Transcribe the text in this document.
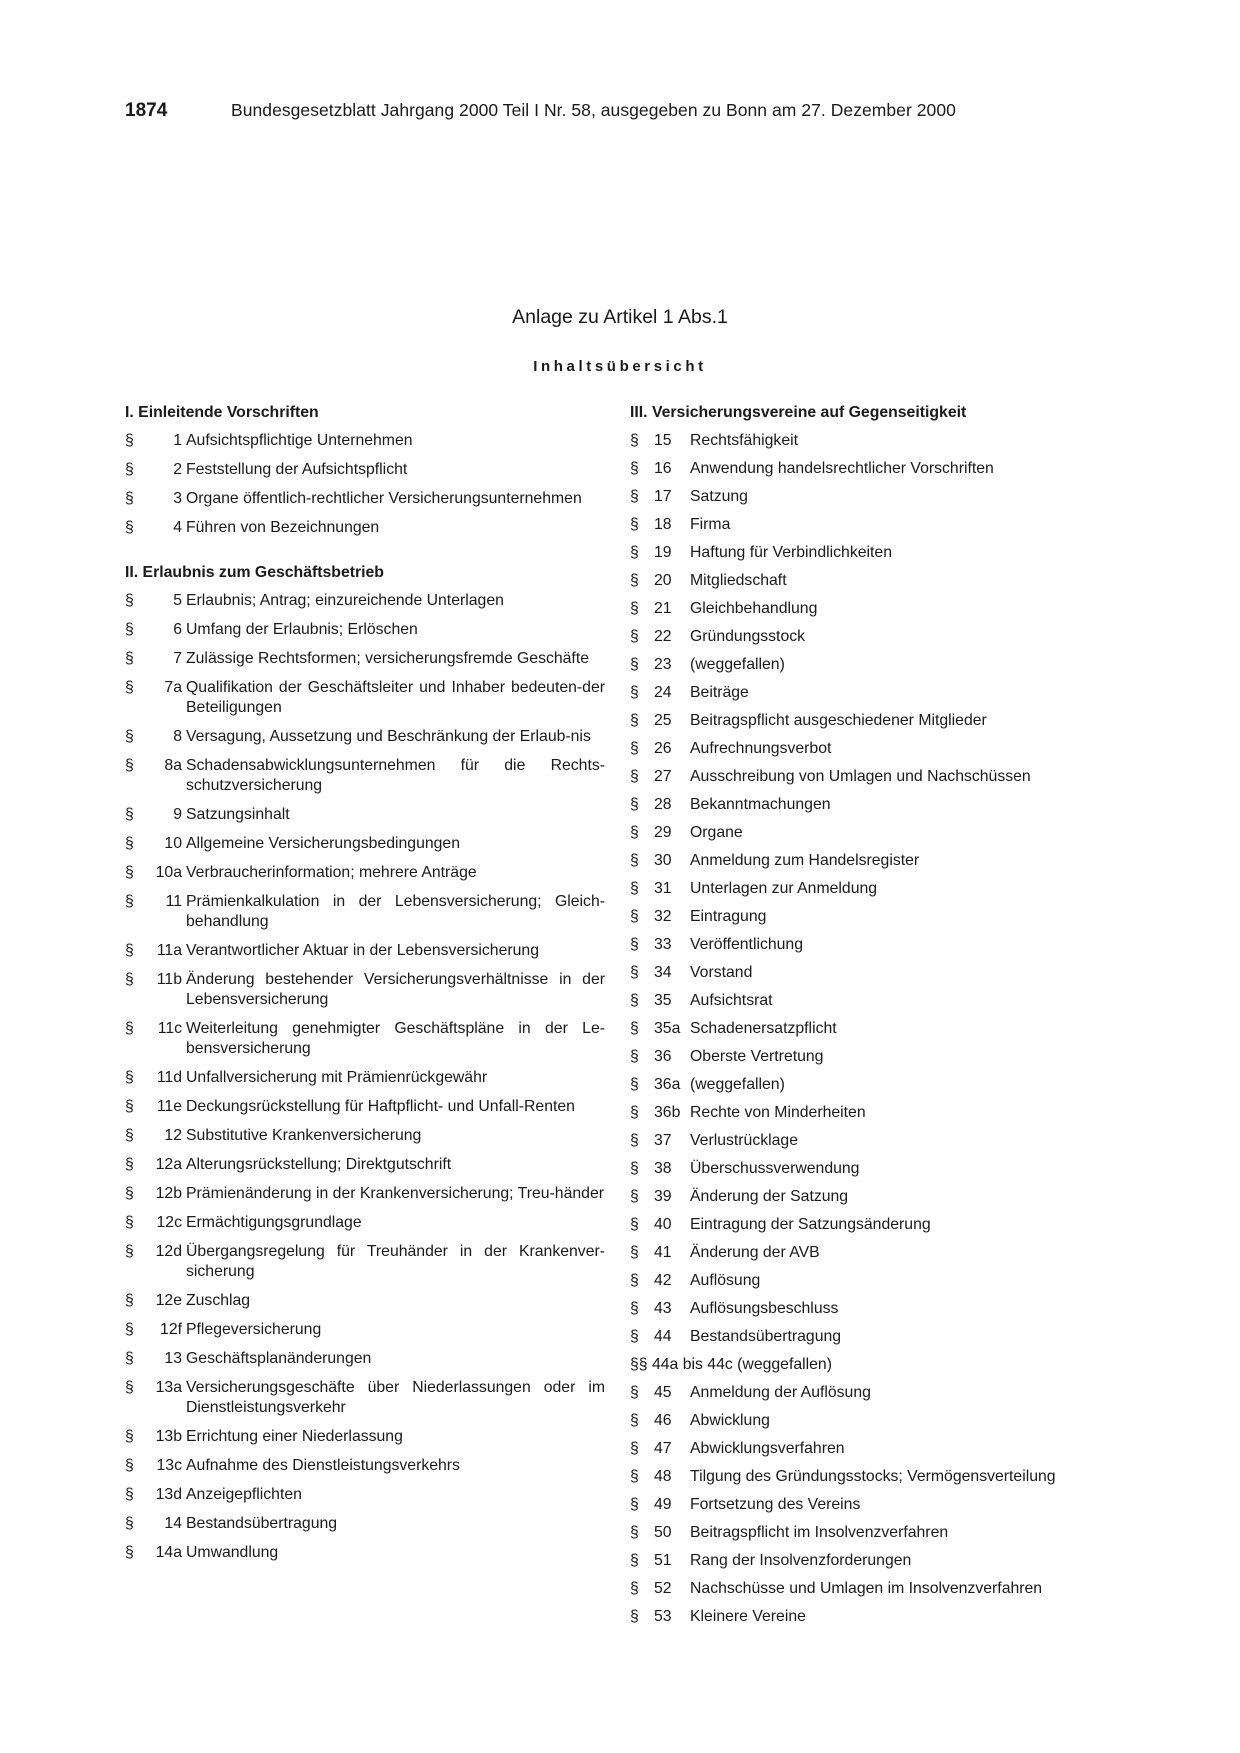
1874	Bundesgesetzblatt Jahrgang 2000 Teil I Nr. 58, ausgegeben zu Bonn am 27. Dezember 2000
Anlage zu Artikel 1 Abs.1
Inhaltsübersicht
I. Einleitende Vorschriften
§	1 Aufsichtspflichtige Unternehmen
§	2 Feststellung der Aufsichtspflicht
§	3 Organe öffentlich-rechtlicher Versicherungsunternehmen
§	4 Führen von Bezeichnungen
II. Erlaubnis zum Geschäftsbetrieb
§	5 Erlaubnis; Antrag; einzureichende Unterlagen
§	6 Umfang der Erlaubnis; Erlöschen
§	7 Zulässige Rechtsformen; versicherungsfremde Geschäfte
§	7a Qualifikation der Geschäftsleiter und Inhaber bedeuten-der Beteiligungen
§	8 Versagung, Aussetzung und Beschränkung der Erlaub-nis
§	8a Schadensabwicklungsunternehmen für die Rechts-schutzversicherung
§	9 Satzungsinhalt
§	10 Allgemeine Versicherungsbedingungen
§	10a Verbraucherinformation; mehrere Anträge
§	11 Prämienkalkulation in der Lebensversicherung; Gleich-behandlung
§	11a Verantwortlicher Aktuar in der Lebensversicherung
§	11b Änderung bestehender Versicherungsverhältnisse in der Lebensversicherung
§	11c Weiterleitung genehmigter Geschäftspläne in der Le-bensversicherung
§	11d Unfallversicherung mit Prämienrückgewähr
§	11e Deckungsrückstellung für Haftpflicht- und Unfall-Renten
§	12 Substitutive Krankenversicherung
§	12a Alterungsrückstellung; Direktgutschrift
§	12b Prämienänderung in der Krankenversicherung; Treu-händer
§	12c Ermächtigungsgrundlage
§	12d Übergangsregelung für Treuhänder in der Krankenver-sicherung
§	12e Zuschlag
§	12f Pflegeversicherung
§	13 Geschäftsplanänderungen
§	13a Versicherungsgeschäfte über Niederlassungen oder im Dienstleistungsverkehr
§	13b Errichtung einer Niederlassung
§	13c Aufnahme des Dienstleistungsverkehrs
§	13d Anzeigepflichten
§	14 Bestandsübertragung
§	14a Umwandlung
III. Versicherungsvereine auf Gegenseitigkeit
§ 15	Rechtsfähigkeit
§ 16	Anwendung handelsrechtlicher Vorschriften
§ 17	Satzung
§ 18	Firma
§ 19	Haftung für Verbindlichkeiten
§ 20	Mitgliedschaft
§ 21	Gleichbehandlung
§ 22	Gründungsstock
§ 23	(weggefallen)
§ 24	Beiträge
§ 25	Beitragspflicht ausgeschiedener Mitglieder
§ 26	Aufrechnungsverbot
§ 27	Ausschreibung von Umlagen und Nachschüssen
§ 28	Bekanntmachungen
§ 29	Organe
§ 30	Anmeldung zum Handelsregister
§ 31	Unterlagen zur Anmeldung
§ 32	Eintragung
§ 33	Veröffentlichung
§ 34	Vorstand
§ 35	Aufsichtsrat
§ 35a Schadenersatzpflicht
§ 36	Oberste Vertretung
§ 36a (weggefallen)
§ 36b Rechte von Minderheiten
§ 37	Verlustrücklage
§ 38	Überschussverwendung
§ 39	Änderung der Satzung
§ 40	Eintragung der Satzungsänderung
§ 41	Änderung der AVB
§ 42	Auflösung
§ 43	Auflösungsbeschluss
§ 44	Bestandsübertragung
§§ 44a bis 44c (weggefallen)
§ 45	Anmeldung der Auflösung
§ 46	Abwicklung
§ 47	Abwicklungsverfahren
§ 48	Tilgung des Gründungsstocks; Vermögensverteilung
§ 49	Fortsetzung des Vereins
§ 50	Beitragspflicht im Insolvenzverfahren
§ 51	Rang der Insolvenzforderungen
§ 52	Nachschüsse und Umlagen im Insolvenzverfahren
§ 53	Kleinere Vereine
